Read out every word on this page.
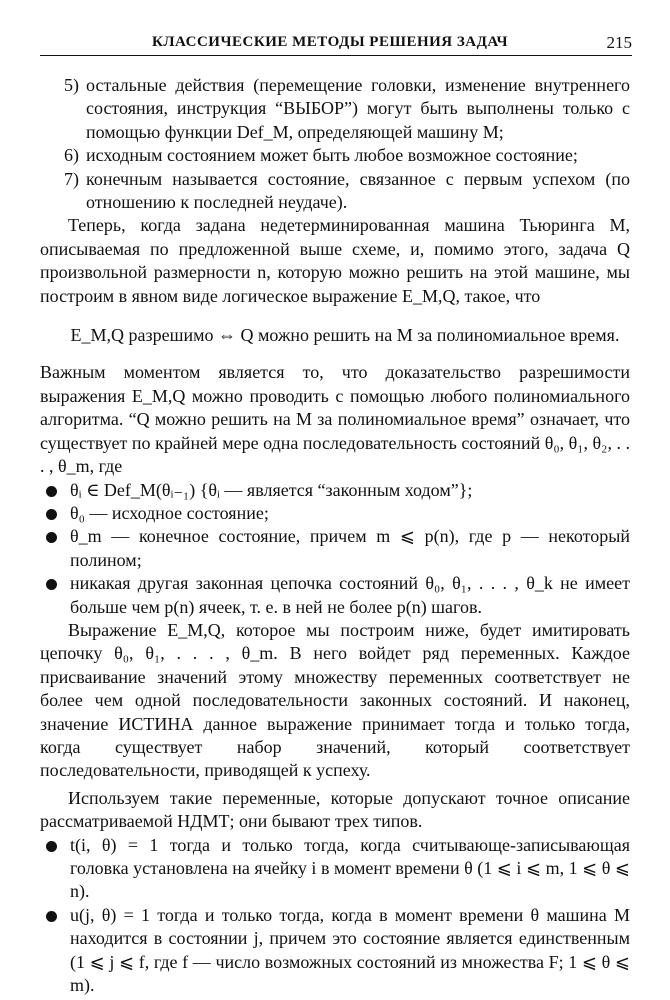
КЛАССИЧЕСКИЕ МЕТОДЫ РЕШЕНИЯ ЗАДАЧ	215
5) остальные действия (перемещение головки, изменение внутреннего состояния, инструкция “ВЫБОР”) могут быть выполнены только с помощью функции Def_M, определяющей машину M;

6) исходным состоянием может быть любое возможное состояние;

7) конечным называется состояние, связанное с первым успехом (по отношению к последней неудаче).

Теперь, когда задана недетерминированная машина Тьюринга M, описываемая по предложенной выше схеме, и, помимо этого, задача Q произвольной размерности n, которую можно решить на этой машине, мы построим в явном виде логическое выражение E_M,Q, такое, что

E_M,Q разрешимо ⇔ Q можно решить на M за полиномиальное время.

Важным моментом является то, что доказательство разрешимости выражения E_M,Q можно проводить с помощью любого полиномиального алгоритма. “Q можно решить на M за полиномиальное время” означает, что существует по крайней мере одна последовательность состояний θ₀, θ₁, θ₂, . . . , θ_m, где

θᵢ ∈ Def_M(θᵢ₋₁) {θᵢ — является “законным ходом”};

θ₀ — исходное состояние;

θ_m — конечное состояние, причем m ⩽ p(n), где p — некоторый полином;

никакая другая законная цепочка состояний θ₀, θ₁, . . . , θ_k не имеет больше чем p(n) ячеек, т. е. в ней не более p(n) шагов.

Выражение E_M,Q, которое мы построим ниже, будет имитировать цепочку θ₀, θ₁, . . . , θ_m. В него войдет ряд переменных. Каждое присваивание значений этому множеству переменных соответствует не более чем одной последовательности законных состояний. И наконец, значение ИСТИНА данное выражение принимает тогда и только тогда, когда существует набор значений, который соответствует последовательности, приводящей к успеху.

Используем такие переменные, которые допускают точное описание рассматриваемой НДМТ; они бывают трех типов.

t(i, θ) = 1 тогда и только тогда, когда считывающе-записывающая головка установлена на ячейку i в момент времени θ (1 ⩽ i ⩽ m, 1 ⩽ θ ⩽ n).

u(j, θ) = 1 тогда и только тогда, когда в момент времени θ машина M находится в состоянии j, причем это состояние является единственным (1 ⩽ j ⩽ f, где f — число возможных состояний из множества F; 1 ⩽ θ ⩽ m).
